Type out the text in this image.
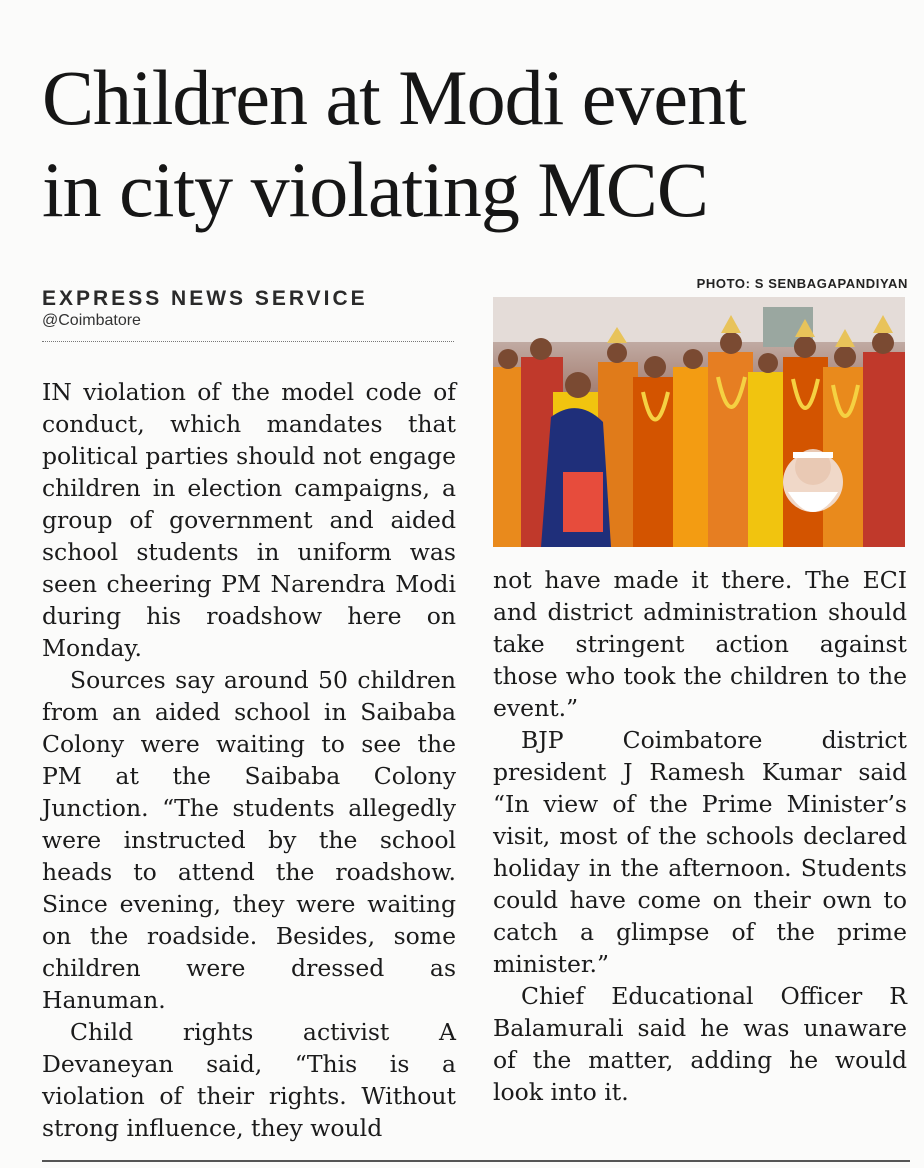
Children at Modi event
in city violating MCC
PHOTO: S SENBAGAPANDIYAN
EXPRESS NEWS SERVICE
@Coimbatore

IN violation of the model code of conduct, which mandates that political parties should not engage children in election campaigns, a group of government and aided school students in uniform was seen cheering PM Narendra Modi during his roadshow here on Monday.

Sources say around 50 children from an aided school in Saibaba Colony were waiting to see the PM at the Saibaba Colony Junction. “The students allegedly were instructed by the school heads to attend the roadshow. Since evening, they were waiting on the roadside. Besides, some children were dressed as Hanuman.

Child rights activist A Devaneyan said, “This is a violation of their rights. Without strong influence, they would

not have made it there. The ECI and district administration should take stringent action against those who took the children to the event.”

BJP Coimbatore district president J Ramesh Kumar said “In view of the Prime Minister’s visit, most of the schools declared holiday in the afternoon. Students could have come on their own to catch a glimpse of the prime minister.”

Chief Educational Officer R Balamurali said he was unaware of the matter, adding he would look into it.
